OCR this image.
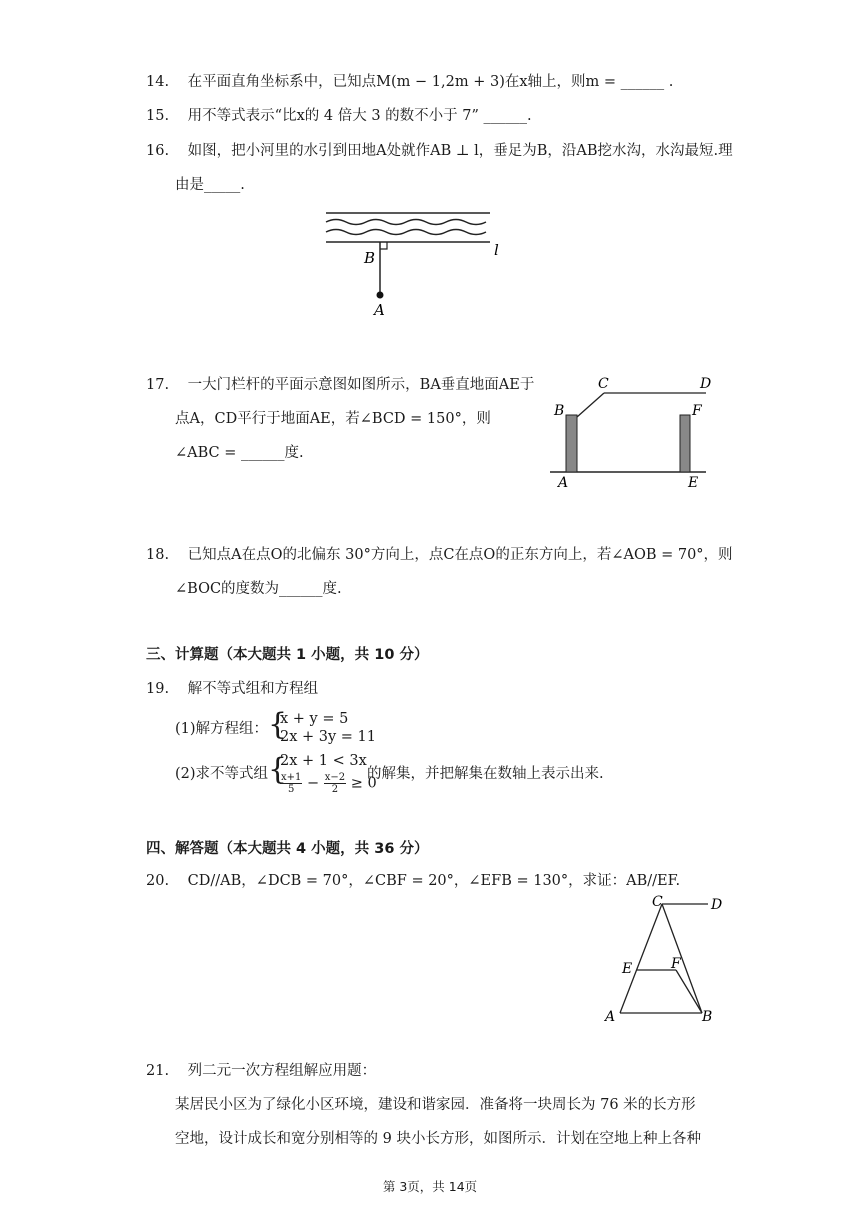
14. 在平面直角坐标系中，已知点M(m − 1,2m + 3)在x轴上，则m = ______ .
15. 用不等式表示“比x的 4 倍大 3 的数不小于 7” ______.
16. 如图，把小河里的水引到田地A处就作AB ⊥ l，垂足为B，沿AB挖水沟，水沟最短.理
由是_____.
B	l
A
17. 一大门栏杆的平面示意图如图所示，BA垂直地面AE于
点A，CD平行于地面AE，若∠BCD = 150°，则
∠ABC = ______度.
B
C	D
F
A	E
18. 已知点A在点O的北偏东 30°方向上，点C在点O的正东方向上，若∠AOB = 70°，则
∠BOC的度数为______度.
三、计算题（本大题共 1 小题，共 10 分）
19. 解不等式组和方程组
(1)解方程组： {
x + y = 5
2x + 3y = 11
(2)求不等式组 {
2x + 1 < 3x
$\frac{x+1}{5} - \frac{x-2}{2} \ge 0$
的解集，并把解集在数轴上表示出来.
四、解答题（本大题共 4 小题，共 36 分）
20. CD//AB，∠DCB = 70°，∠CBF = 20°，∠EFB = 130°，求证：AB//EF.
C	D
E	F
A	B
21. 列二元一次方程组解应用题：
某居民小区为了绿化小区环境，建设和谐家园．准备将一块周长为 76 米的长方形
空地，设计成长和宽分别相等的 9 块小长方形，如图所示．计划在空地上种上各种
第 3页，共 14页
